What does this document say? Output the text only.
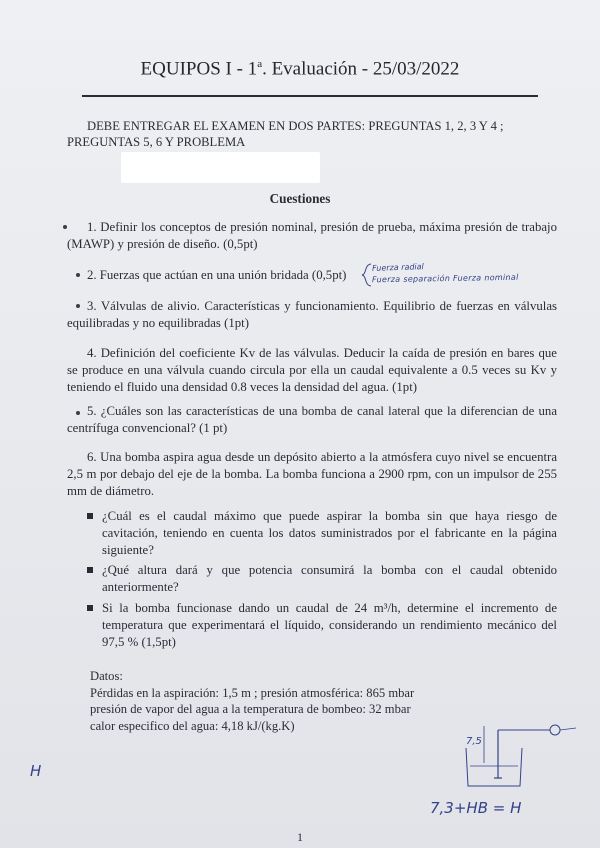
EQUIPOS I - 1$^a$. Evaluación - 25/03/2022
DEBE ENTREGAR EL EXAMEN EN DOS PARTES: PREGUNTAS 1, 2, 3 Y 4 ;
PREGUNTAS 5, 6 Y PROBLEMA
Cuestiones
1. Definir los conceptos de presión nominal, presión de prueba, máxima presión de trabajo (MAWP) y presión de diseño. (0,5pt)
2. Fuerzas que actúan en una unión bridada (0,5pt)
3. Válvulas de alivio. Características y funcionamiento. Equilibrio de fuerzas en válvulas equilibradas y no equilibradas (1pt)
4. Definición del coeficiente Kv de las válvulas. Deducir la caída de presión en bares que se produce en una válvula cuando circula por ella un caudal equivalente a 0.5 veces su Kv y teniendo el fluido una densidad 0.8 veces la densidad del agua. (1pt)
5. ¿Cuáles son las características de una bomba de canal lateral que la diferencian de una centrífuga convencional? (1 pt)
6. Una bomba aspira agua desde un depósito abierto a la atmósfera cuyo nivel se encuentra 2,5 m por debajo del eje de la bomba. La bomba funciona a 2900 rpm, con un impulsor de 255 mm de diámetro.
¿Cuál es el caudal máximo que puede aspirar la bomba sin que haya riesgo de cavitación, teniendo en cuenta los datos suministrados por el fabricante en la página siguiente?
¿Qué altura dará y que potencia consumirá la bomba con el caudal obtenido anteriormente?
Si la bomba funcionase dando un caudal de 24 m³/h, determine el incremento de temperatura que experimentará el líquido, considerando un rendimiento mecánico del 97,5 % (1,5pt)
Datos:
Pérdidas en la aspiración: 1,5 m ; presión atmosférica: 865 mbar
presión de vapor del agua a la temperatura de bombeo: 32 mbar
calor especifico del agua: 4,18 kJ/(kg.K)
Fuerza radial
Fuerza separación Fuerza nominal
H
7,5
7,3+HB = H
1
